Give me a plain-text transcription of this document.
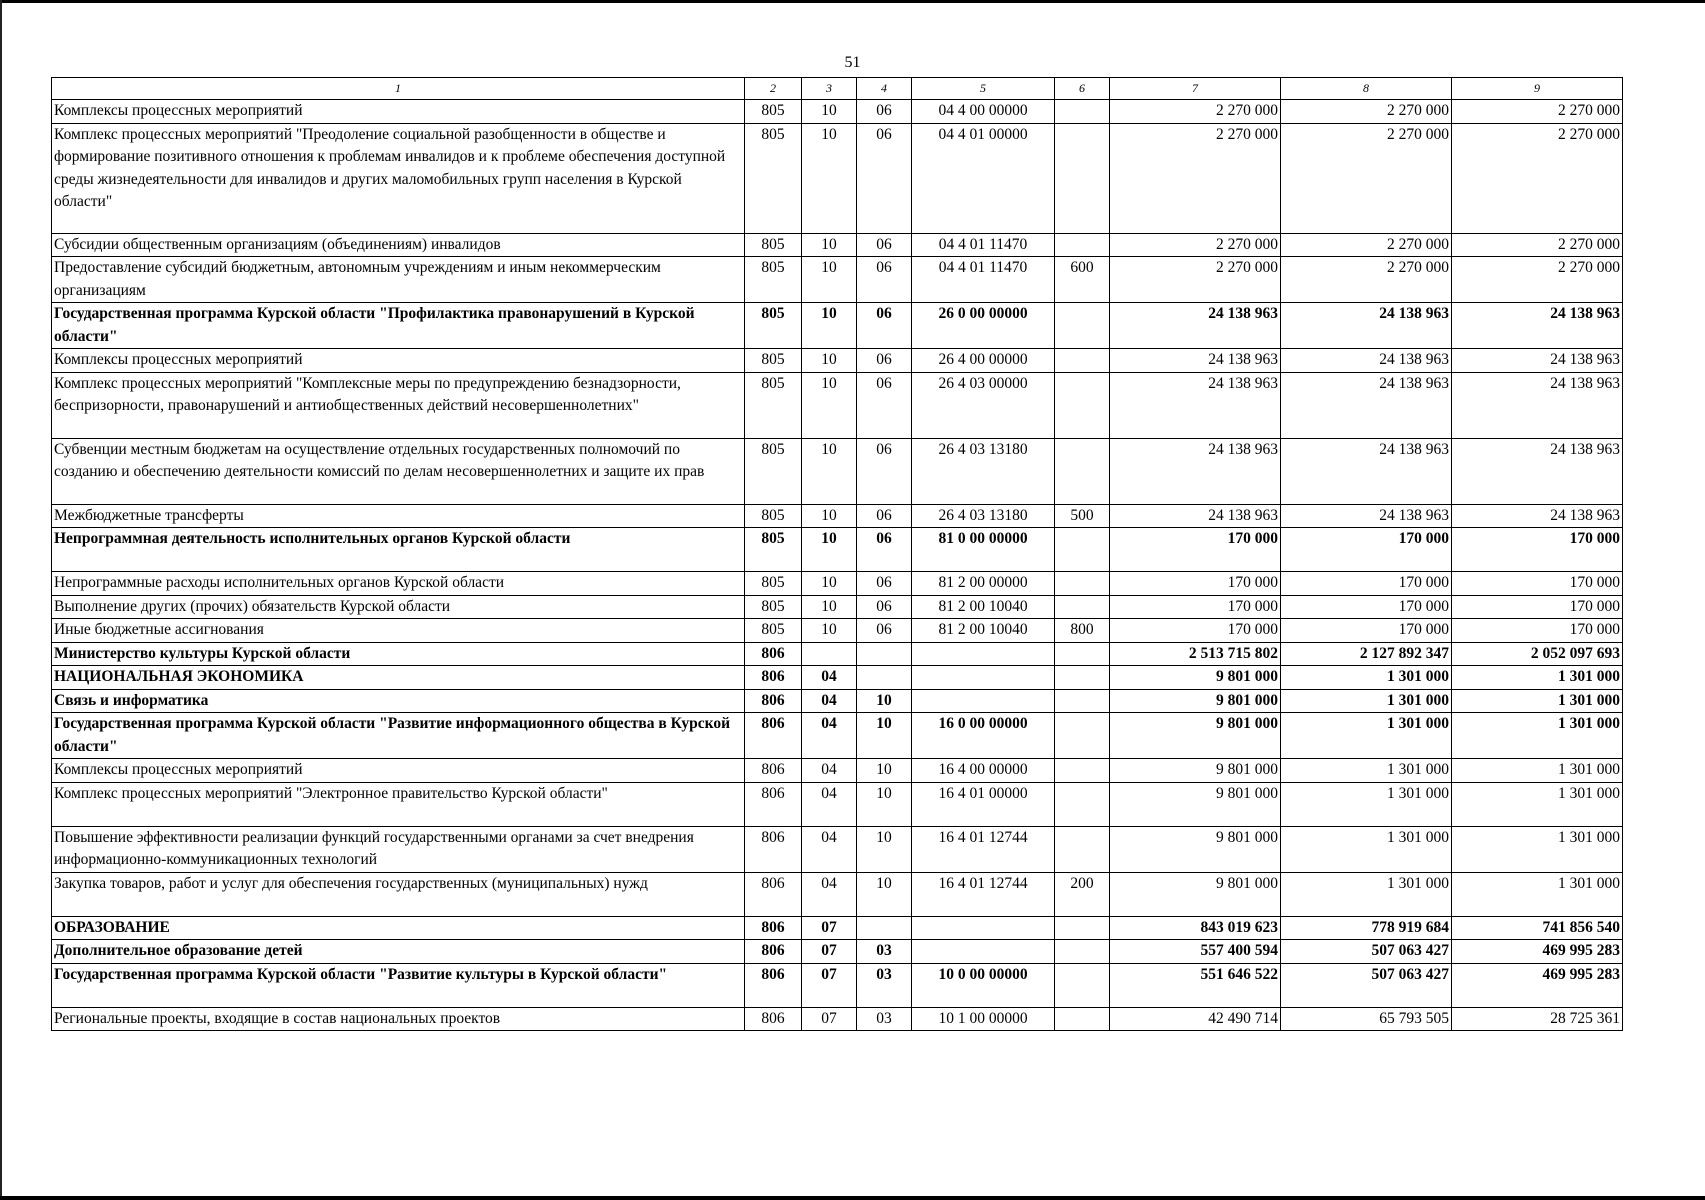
51
1	2	3	4	5	6	7	8	9
Комплексы процессных мероприятий	805	10	06	04 4 00 00000		2 270 000	2 270 000	2 270 000
Комплекс процессных мероприятий "Преодоление социальной разобщенности в обществе и формирование позитивного отношения к проблемам инвалидов и к проблеме обеспечения доступной среды жизнедеятельности для инвалидов и других маломобильных групп населения в Курской области"	805	10	06	04 4 01 00000		2 270 000	2 270 000	2 270 000
Субсидии общественным организациям (объединениям) инвалидов	805	10	06	04 4 01 11470		2 270 000	2 270 000	2 270 000
Предоставление субсидий бюджетным, автономным учреждениям и иным некоммерческим организациям	805	10	06	04 4 01 11470	600	2 270 000	2 270 000	2 270 000
Государственная программа Курской области "Профилактика правонарушений в Курской области"	805	10	06	26 0 00 00000		24 138 963	24 138 963	24 138 963
Комплексы процессных мероприятий	805	10	06	26 4 00 00000		24 138 963	24 138 963	24 138 963
Комплекс процессных мероприятий "Комплексные меры по предупреждению безнадзорности, беспризорности, правонарушений и антиобщественных действий несовершеннолетних"	805	10	06	26 4 03 00000		24 138 963	24 138 963	24 138 963
Субвенции местным бюджетам на осуществление отдельных государственных полномочий по созданию и обеспечению деятельности комиссий по делам несовершеннолетних и защите их прав	805	10	06	26 4 03 13180		24 138 963	24 138 963	24 138 963
Межбюджетные трансферты	805	10	06	26 4 03 13180	500	24 138 963	24 138 963	24 138 963
Непрограммная деятельность исполнительных органов Курской области	805	10	06	81 0 00 00000		170 000	170 000	170 000
Непрограммные расходы исполнительных органов Курской области	805	10	06	81 2 00 00000		170 000	170 000	170 000
Выполнение других (прочих) обязательств Курской области	805	10	06	81 2 00 10040		170 000	170 000	170 000
Иные бюджетные ассигнования	805	10	06	81 2 00 10040	800	170 000	170 000	170 000
Министерство культуры Курской области	806					2 513 715 802	2 127 892 347	2 052 097 693
НАЦИОНАЛЬНАЯ ЭКОНОМИКА	806	04				9 801 000	1 301 000	1 301 000
Связь и информатика	806	04	10			9 801 000	1 301 000	1 301 000
Государственная программа Курской области "Развитие информационного общества в Курской области"	806	04	10	16 0 00 00000		9 801 000	1 301 000	1 301 000
Комплексы процессных мероприятий	806	04	10	16 4 00 00000		9 801 000	1 301 000	1 301 000
Комплекс процессных мероприятий "Электронное правительство Курской области"	806	04	10	16 4 01 00000		9 801 000	1 301 000	1 301 000
Повышение эффективности реализации функций государственными органами за счет внедрения информационно-коммуникационных технологий	806	04	10	16 4 01 12744		9 801 000	1 301 000	1 301 000
Закупка товаров, работ и услуг для обеспечения государственных (муниципальных) нужд	806	04	10	16 4 01 12744	200	9 801 000	1 301 000	1 301 000
ОБРАЗОВАНИЕ	806	07				843 019 623	778 919 684	741 856 540
Дополнительное образование детей	806	07	03			557 400 594	507 063 427	469 995 283
Государственная программа Курской области "Развитие культуры в Курской области"	806	07	03	10 0 00 00000		551 646 522	507 063 427	469 995 283
Региональные проекты, входящие в состав национальных проектов	806	07	03	10 1 00 00000		42 490 714	65 793 505	28 725 361
